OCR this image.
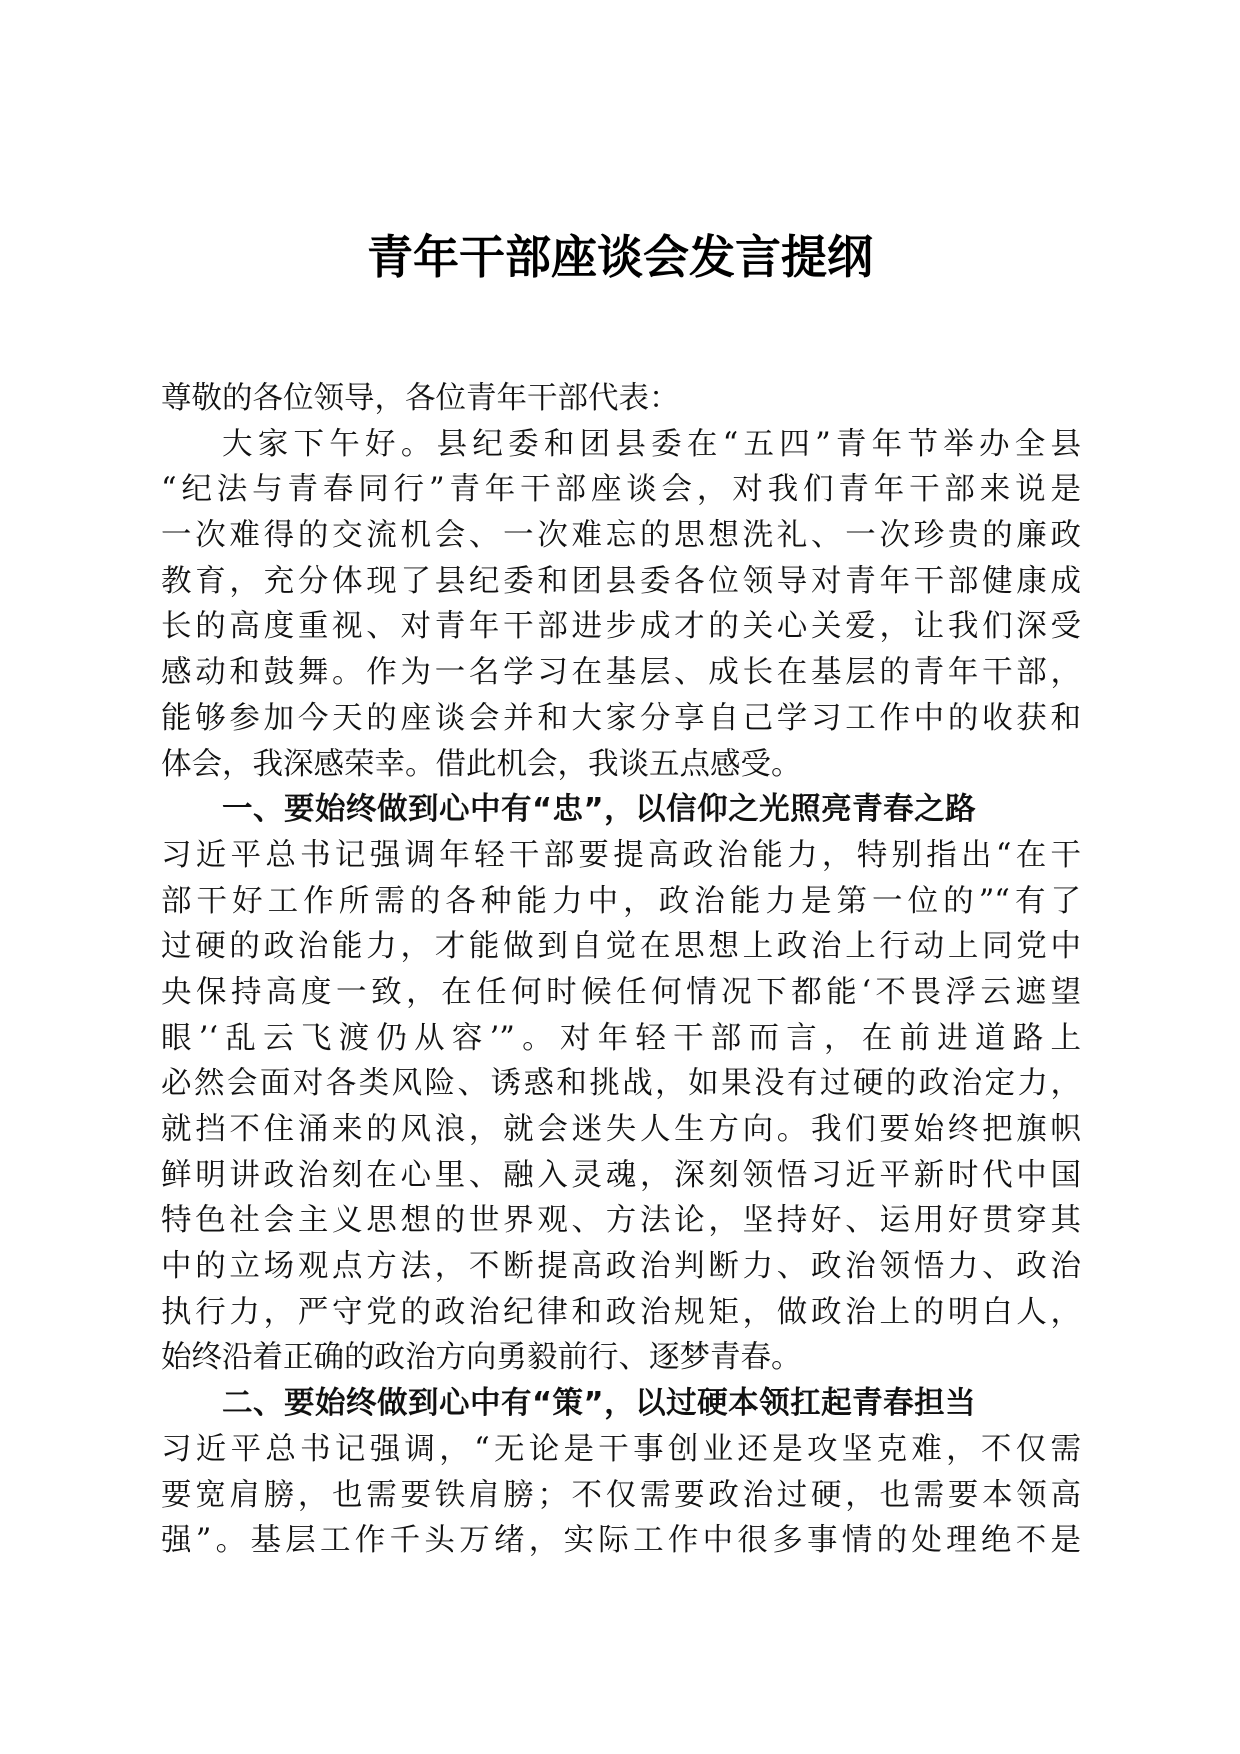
青年干部座谈会发言提纲
尊敬的各位领导，各位青年干部代表：
大家下午好。县纪委和团县委在“五四”青年节举办全县
“纪法与青春同行”青年干部座谈会，对我们青年干部来说是
一次难得的交流机会、一次难忘的思想洗礼、一次珍贵的廉政
教育，充分体现了县纪委和团县委各位领导对青年干部健康成
长的高度重视、对青年干部进步成才的关心关爱，让我们深受
感动和鼓舞。作为一名学习在基层、成长在基层的青年干部，
能够参加今天的座谈会并和大家分享自己学习工作中的收获和
体会，我深感荣幸。借此机会，我谈五点感受。
一、要始终做到心中有“忠”，以信仰之光照亮青春之路
习近平总书记强调年轻干部要提高政治能力，特别指出“在干
部干好工作所需的各种能力中，政治能力是第一位的”“有了
过硬的政治能力，才能做到自觉在思想上政治上行动上同党中
央保持高度一致，在任何时候任何情况下都能‘不畏浮云遮望
眼’‘乱云飞渡仍从容’”。对年轻干部而言，在前进道路上
必然会面对各类风险、诱惑和挑战，如果没有过硬的政治定力，
就挡不住涌来的风浪，就会迷失人生方向。我们要始终把旗帜
鲜明讲政治刻在心里、融入灵魂，深刻领悟习近平新时代中国
特色社会主义思想的世界观、方法论，坚持好、运用好贯穿其
中的立场观点方法，不断提高政治判断力、政治领悟力、政治
执行力，严守党的政治纪律和政治规矩，做政治上的明白人，
始终沿着正确的政治方向勇毅前行、逐梦青春。
二、要始终做到心中有“策”，以过硬本领扛起青春担当
习近平总书记强调，“无论是干事创业还是攻坚克难，不仅需
要宽肩膀，也需要铁肩膀；不仅需要政治过硬，也需要本领高
强”。基层工作千头万绪，实际工作中很多事情的处理绝不是
